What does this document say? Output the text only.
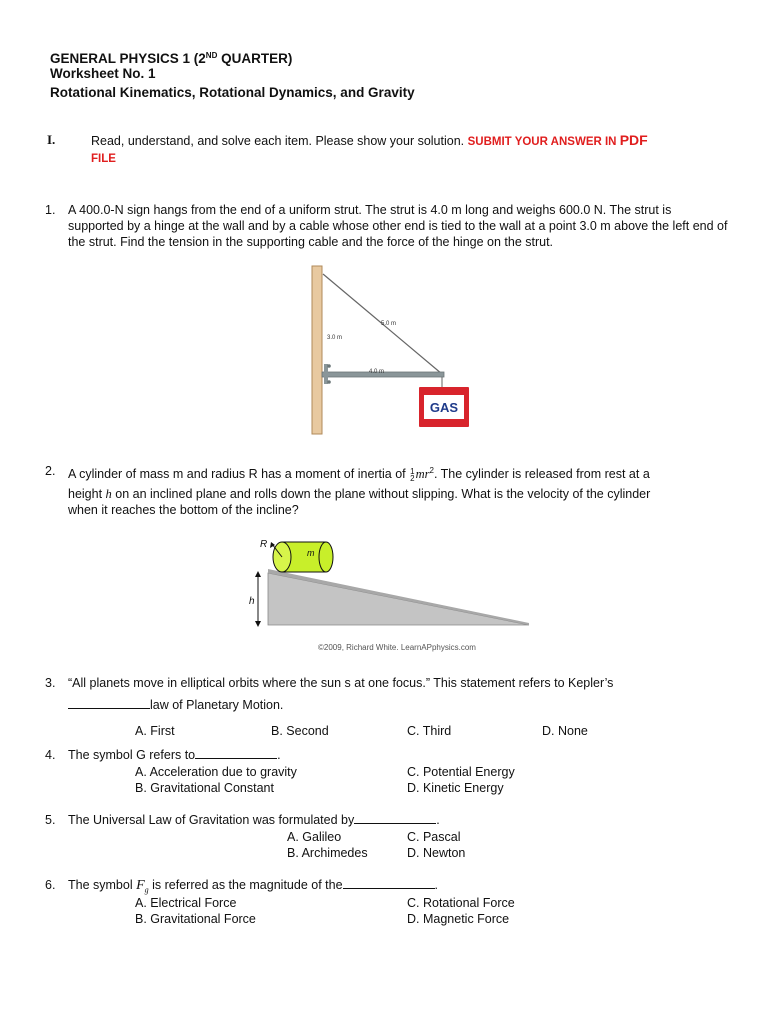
GENERAL PHYSICS 1 (2ND QUARTER)
Worksheet No. 1
Rotational Kinematics, Rotational Dynamics, and Gravity
I.	Read, understand, and solve each item. Please show your solution. SUBMIT YOUR ANSWER IN PDF
FILE
1. A 400.0-N sign hangs from the end of a uniform strut. The strut is 4.0 m long and weighs 600.0 N. The strut is supported by a hinge at the wall and by a cable whose other end is tied to the wall at a point 3.0 m above the left end of the strut. Find the tension in the supporting cable and the force of the hinge on the strut.
GAS
5.0 m
3.0 m
4.0 m
2. A cylinder of mass m and radius R has a moment of inertia of 1
2 $mr^2$. The cylinder is released from rest at a
height h on an inclined plane and rolls down the plane without slipping. What is the velocity of the cylinder
when it reaches the bottom of the incline?
h
R
m
©2009, Richard White. LearnAPphysics.com
3. “All planets move in elliptical orbits where the sun s at one focus.” This statement refers to Kepler’s
law of Planetary Motion.
A. First	B. Second	C. Third	D. None
4. The symbol G refers to	.
A. Acceleration due to gravity
B. Gravitational Constant
C. Potential Energy
D. Kinetic Energy
5. The Universal Law of Gravitation was formulated by	.
A. Galileo
B. Archimedes
C. Pascal
D. Newton
6. The symbol $F_g$ is referred as the magnitude of the	.
A. Electrical Force
B. Gravitational Force
C. Rotational Force
D. Magnetic Force
